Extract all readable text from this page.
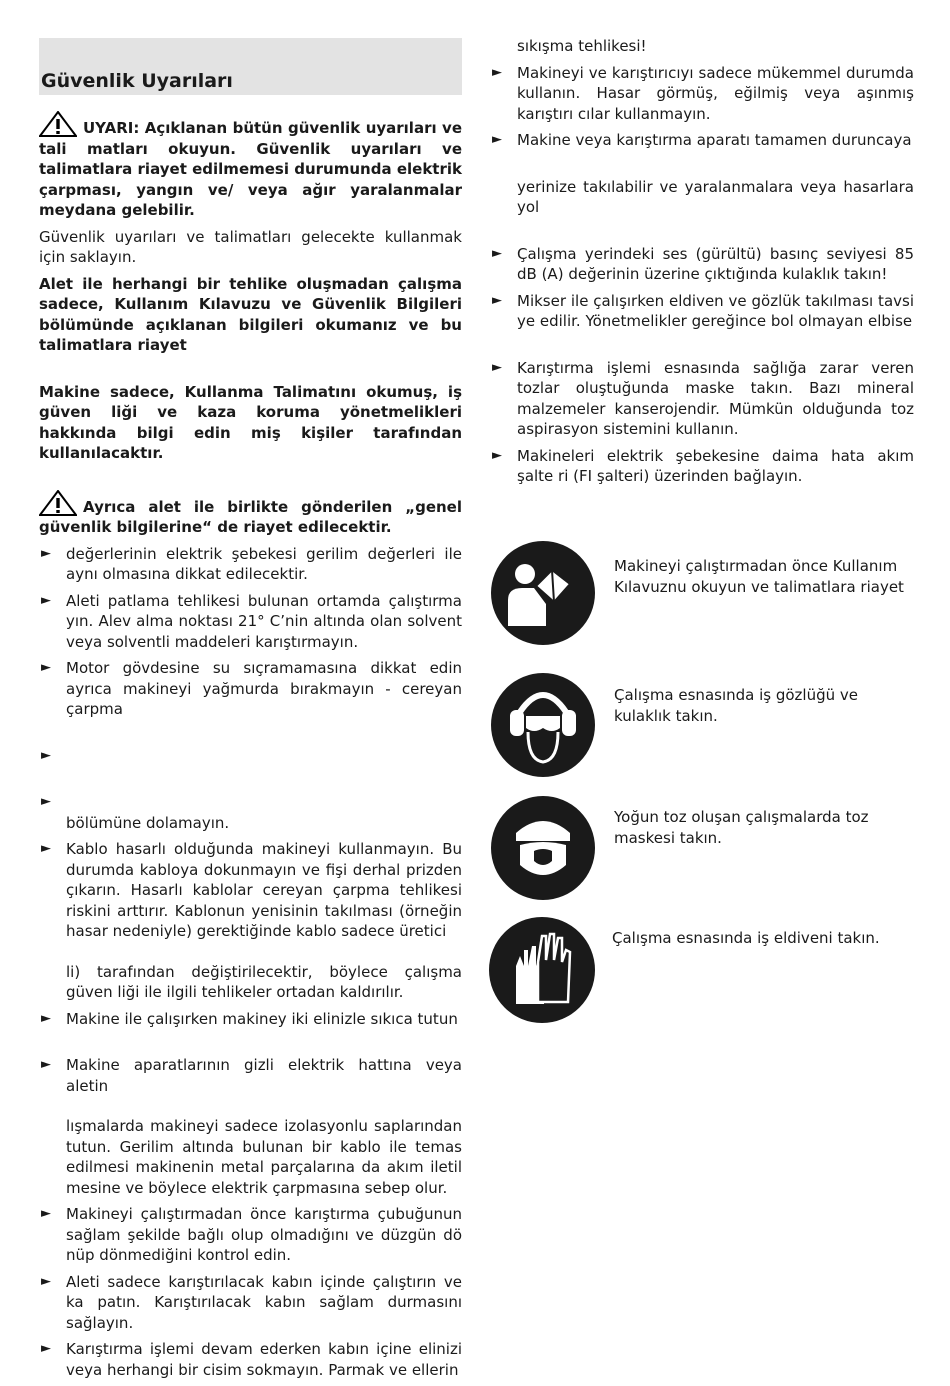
Güvenlik Uyarıları
UYARI: Açıklanan bütün güvenlik uyarıları ve tali matları okuyun. Güvenlik uyarıları ve talimatlara riayet edilmemesi durumunda elektrik çarpması, yangın ve/ veya ağır yaralanmalar meydana gelebilir.

Güvenlik uyarıları ve talimatları gelecekte kullanmak için saklayın.

Alet ile herhangi bir tehlike oluşmadan çalışma sadece, Kullanım Kılavuzu ve Güvenlik Bilgileri bölümünde açıklanan bilgileri okumanız ve bu talimatlara riayet

Makine sadece, Kullanma Talimatını okumuş, iş güven liği ve kaza koruma yönetmelikleri hakkında bilgi edin miş kişiler tarafından kullanılacaktır.

Ayrıca alet ile birlikte gönderilen „genel güvenlik bilgilerine“ de riayet edilecektir.
►	değerlerinin elektrik şebekesi gerilim değerleri ile aynı olmasına dikkat edilecektir.
► Aleti patlama tehlikesi bulunan ortamda çalıştırma yın. Alev alma noktası 21° C’nin altında olan solvent veya solventli maddeleri karıştırmayın.
► Motor gövdesine su sıçramamasına dikkat edin ayrıca makineyi yağmurda bırakmayın - cereyan çarpma
►

►

bölümüne dolamayın.
► Kablo hasarlı olduğunda makineyi kullanmayın. Bu durumda kabloya dokunmayın ve fişi derhal prizden çıkarın. Hasarlı kablolar cereyan çarpma tehlikesi riskini arttırır. Kablonun yenisinin takılması (örneğin hasar nedeniyle) gerektiğinde kablo sadece üretici
li) tarafından değiştirilecektir, böylece çalışma güven liği ile ilgili tehlikeler ortadan kaldırılır.
► Makine ile çalışırken makiney iki elinizle sıkıca tutun
► Makine aparatlarının gizli elektrik hattına veya aletin
lışmalarda makineyi sadece izolasyonlu saplarından tutun. Gerilim altında bulunan bir kablo ile temas edilmesi makinenin metal parçalarına da akım iletil mesine ve böylece elektrik çarpmasına sebep olur.
► Makineyi çalıştırmadan önce karıştırma çubuğunun sağlam şekilde bağlı olup olmadığını ve düzgün dö nüp dönmediğini kontrol edin.
► Aleti sadece karıştırılacak kabın içinde çalıştırın ve ka patın. Karıştırılacak kabın sağlam durmasını sağlayın.
► Karıştırma işlemi devam ederken kabın içine elinizi veya herhangi bir cisim sokmayın. Parmak ve ellerin
sıkışma tehlikesi!
► Makineyi ve karıştırıcıyı sadece mükemmel durumda kullanın. Hasar görmüş, eğilmiş veya aşınmış karıştırı cılar kullanmayın.
► Makine veya karıştırma aparatı tamamen duruncaya
yerinize takılabilir ve yaralanmalara veya hasarlara yol
► Çalışma yerindeki ses (gürültü) basınç seviyesi 85 dB (A) değerinin üzerine çıktığında kulaklık takın!
► Mikser ile çalışırken eldiven ve gözlük takılması tavsi ye edilir. Yönetmelikler gereğince bol olmayan elbise
► Karıştırma işlemi esnasında sağlığa zarar veren tozlar oluştuğunda maske takın. Bazı mineral malzemeler kanserojendir. Mümkün olduğunda toz aspirasyon sistemini kullanın.
► Makineleri elektrik şebekesine daima hata akım şalte ri (FI şalteri) üzerinden bağlayın.
Makineyi çalıştırmadan önce Kullanım Kılavuznu okuyun ve talimatlara riayet
Çalışma esnasında iş gözlüğü ve kulaklık takın.
Yoğun toz oluşan çalışmalarda toz maskesi takın.
Çalışma esnasında iş eldiveni takın.
